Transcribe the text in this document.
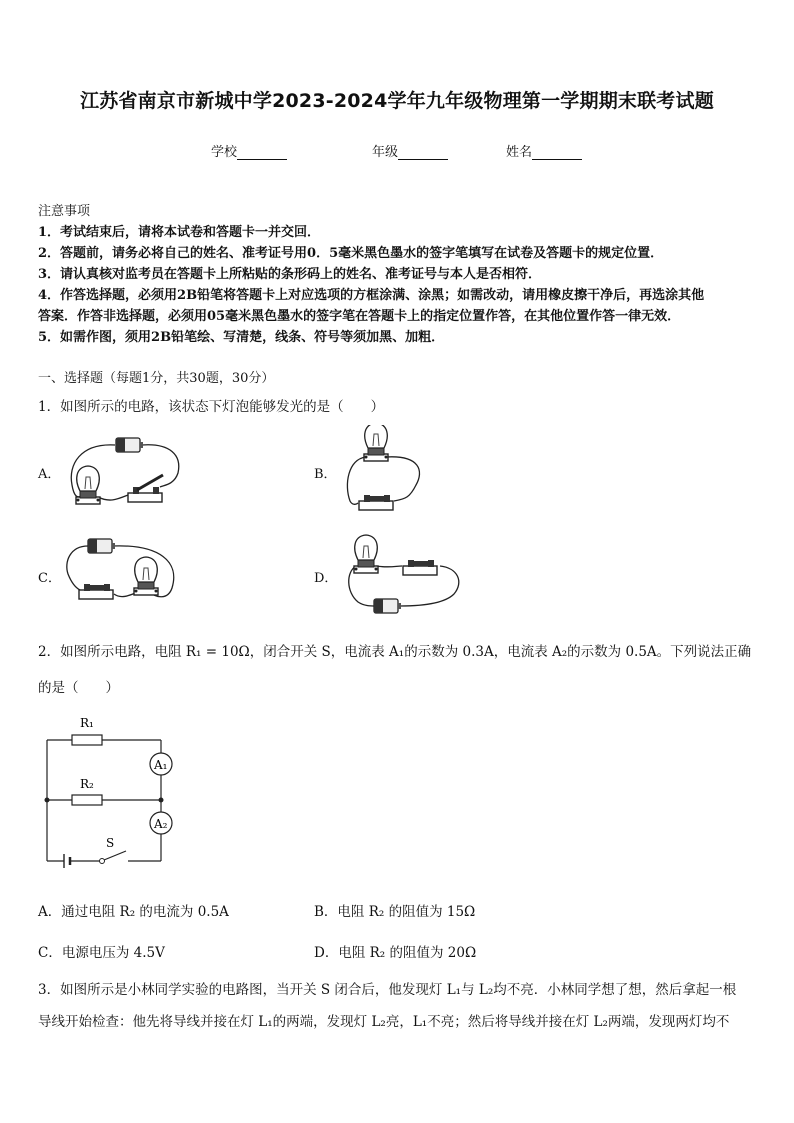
江苏省南京市新城中学2023-2024学年九年级物理第一学期期末联考试题
学校	年级	姓名
注意事项
1．考试结束后，请将本试卷和答题卡一并交回．
2．答题前，请务必将自己的姓名、准考证号用0．5毫米黑色墨水的签字笔填写在试卷及答题卡的规定位置．
3．请认真核对监考员在答题卡上所粘贴的条形码上的姓名、准考证号与本人是否相符．
4．作答选择题，必须用2B铅笔将答题卡上对应选项的方框涂满、涂黑；如需改动，请用橡皮擦干净后，再选涂其他
答案．作答非选择题，必须用05毫米黑色墨水的签字笔在答题卡上的指定位置作答，在其他位置作答一律无效．
5．如需作图，须用2B铅笔绘、写清楚，线条、符号等须加黑、加粗．
一、选择题（每题1分，共30题，30分）
1．如图所示的电路，该状态下灯泡能够发光的是（　　）
A．	B．
C．	D．
2．如图所示电路，电阻 R₁ = 10Ω，闭合开关 S，电流表 A₁的示数为 0.3A，电流表 A₂的示数为 0.5A。下列说法正确
的是（　　）
R₁
R₂
A₁
A₂
S
A．通过电阻 R₂ 的电流为 0.5A	B．电阻 R₂ 的阻值为 15Ω
C．电源电压为 4.5V	D．电阻 R₂ 的阻值为 20Ω
3．如图所示是小林同学实验的电路图，当开关 S 闭合后，他发现灯 L₁与 L₂均不亮．小林同学想了想，然后拿起一根
导线开始检查：他先将导线并接在灯 L₁的两端，发现灯 L₂亮，L₁不亮；然后将导线并接在灯 L₂两端，发现两灯均不
